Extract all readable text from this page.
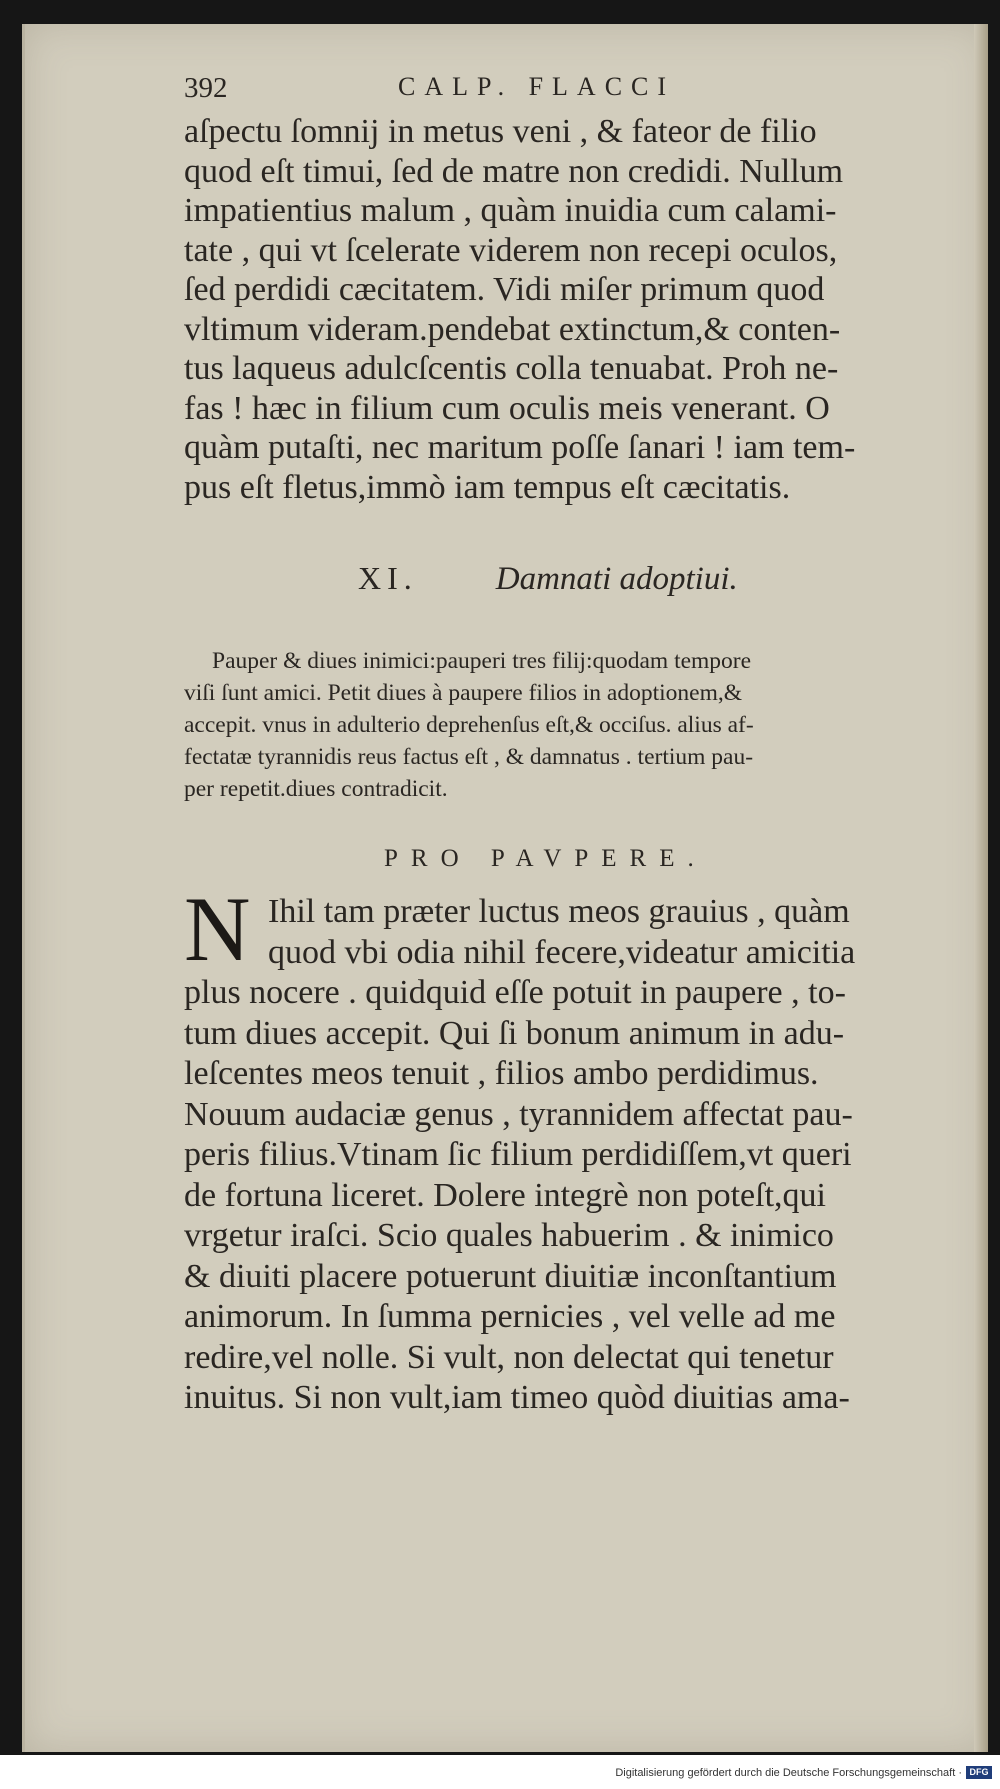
392	CALP. FLACCI
aſpectu ſomnij in metus veni , & fateor de filio
quod eſt timui, ſed de matre non credidi. Nullum
impatientius malum , quàm inuidia cum calami-
tate , qui vt ſcelerate viderem non recepi oculos,
ſed perdidi cæcitatem. Vidi miſer primum quod
vltimum videram.pendebat extinctum,& conten-
tus laqueus adulcſcentis colla tenuabat. Proh ne-
fas ! hæc in filium cum oculis meis venerant. O
quàm putaſti, nec maritum poſſe ſanari ! iam tem-
pus eſt fletus,immò iam tempus eſt cæcitatis.
XI. Damnati adoptiui.
Pauper & diues inimici:pauperi tres filij:quodam tempore
viſi ſunt amici. Petit diues à paupere filios in adoptionem,&
accepit. vnus in adulterio deprehenſus eſt,& occiſus. alius af-
fectatæ tyrannidis reus factus eſt , & damnatus . tertium pau-
per repetit.diues contradicit.
PRO PAVPERE.
N Ihil tam præter luctus meos grauius , quàm
quod vbi odia nihil fecere,videatur amicitia
plus nocere . quidquid eſſe potuit in paupere , to-
tum diues accepit. Qui ſi bonum animum in adu-
leſcentes meos tenuit , filios ambo perdidimus.
Nouum audaciæ genus , tyrannidem affectat pau-
peris filius.Vtinam ſic filium perdidiſſem,vt queri
de fortuna liceret. Dolere integrè non poteſt,qui
vrgetur iraſci. Scio quales habuerim . & inimico
& diuiti placere potuerunt diuitiæ inconſtantium
animorum. In ſumma pernicies , vel velle ad me
redire,vel nolle. Si vult, non delectat qui tenetur
inuitus. Si non vult,iam timeo quòd diuitias ama-
Digitalisierung gefördert durch die Deutsche Forschungsgemeinschaft · DFG
